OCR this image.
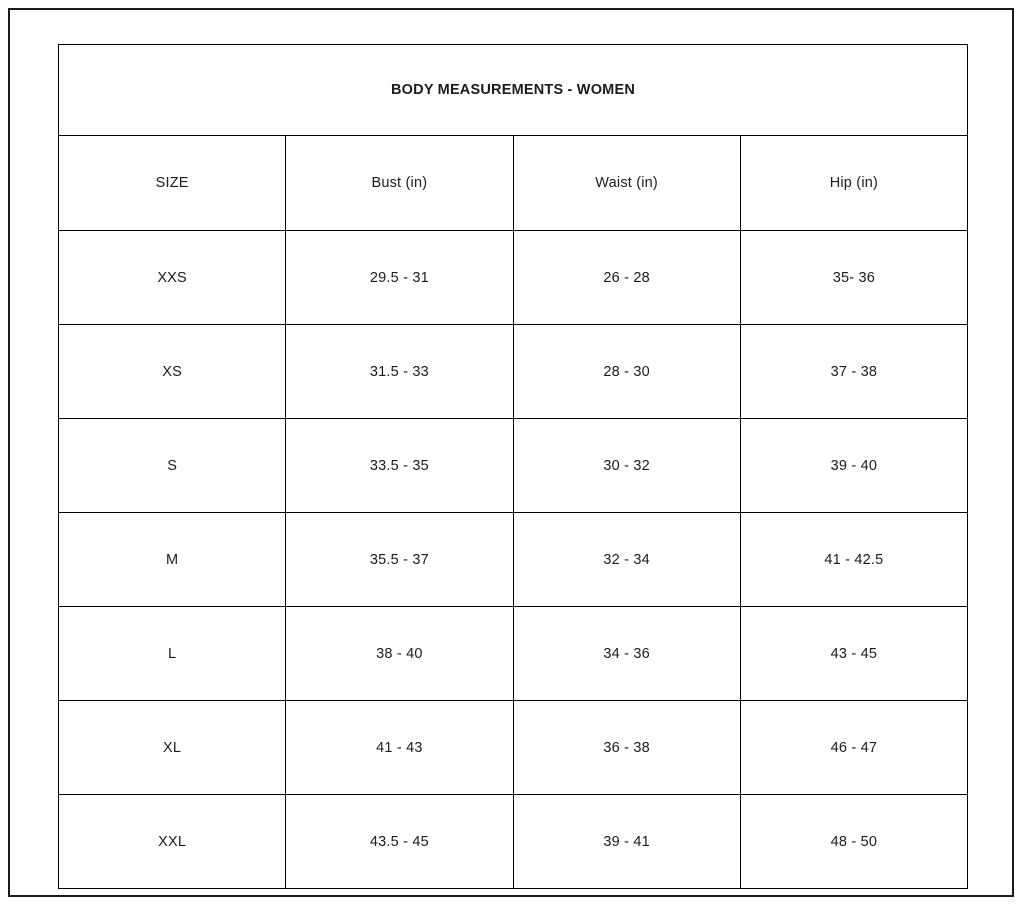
BODY MEASUREMENTS - WOMEN			
SIZE	Bust (in)	Waist (in)	Hip (in)
XXS	29.5 - 31	26 - 28	35- 36
XS	31.5 - 33	28 - 30	37 - 38
S	33.5 - 35	30 - 32	39 - 40
M	35.5 - 37	32 - 34	41 - 42.5
L	38 - 40	34 - 36	43 - 45
XL	41 - 43	36 - 38	46 - 47
XXL	43.5 - 45	39 - 41	48 - 50
